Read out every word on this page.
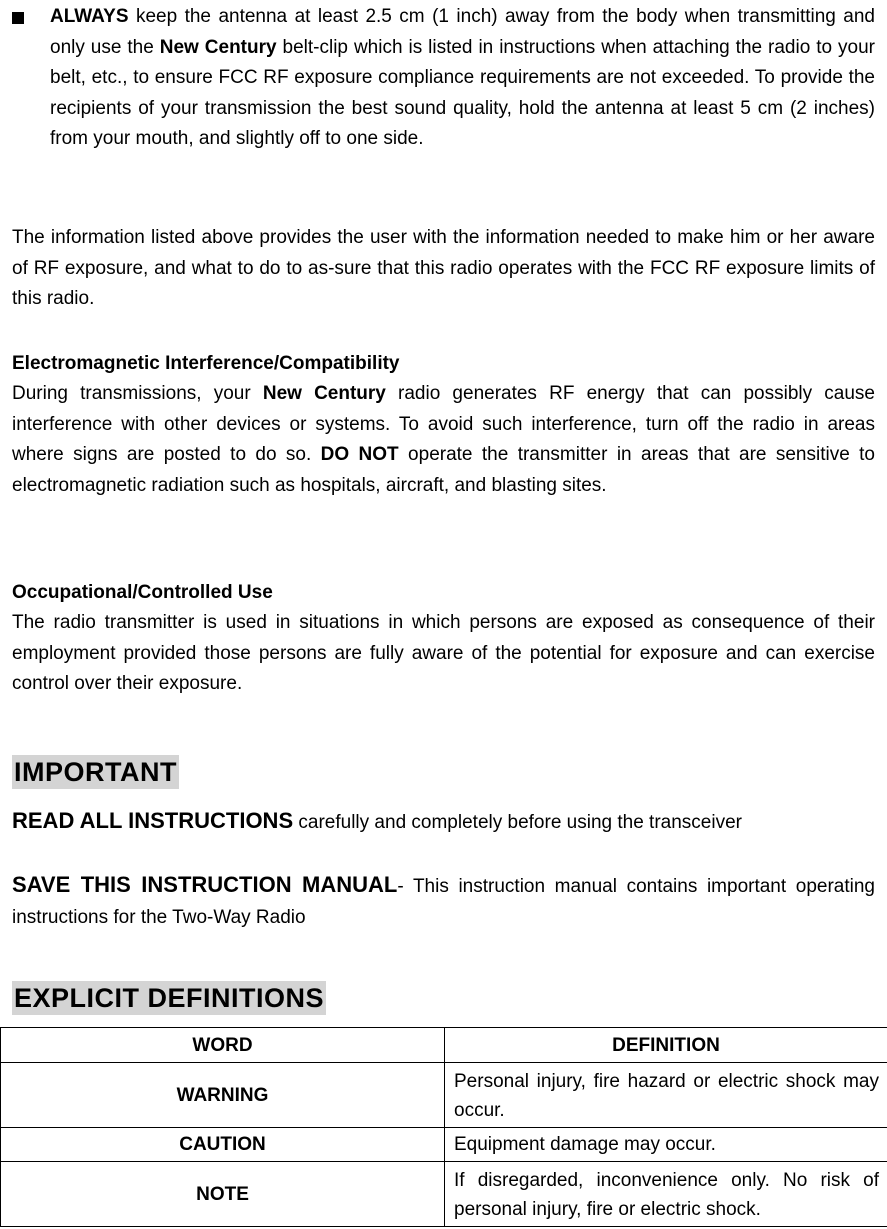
ALWAYS keep the antenna at least 2.5 cm (1 inch) away from the body when transmitting and only use the New Century belt-clip which is listed in instructions when attaching the radio to your belt, etc., to ensure FCC RF exposure compliance requirements are not exceeded. To provide the recipients of your transmission the best sound quality, hold the antenna at least 5 cm (2 inches) from your mouth, and slightly off to one side.

The information listed above provides the user with the information needed to make him or her aware of RF exposure, and what to do to as-sure that this radio operates with the FCC RF exposure limits of this radio.

Electromagnetic Interference/Compatibility

During transmissions, your New Century radio generates RF energy that can possibly cause interference with other devices or systems. To avoid such interference, turn off the radio in areas where signs are posted to do so. DO NOT operate the transmitter in areas that are sensitive to electromagnetic radiation such as hospitals, aircraft, and blasting sites.

Occupational/Controlled Use

The radio transmitter is used in situations in which persons are exposed as consequence of their employment provided those persons are fully aware of the potential for exposure and can exercise control over their exposure.

IMPORTANT

READ ALL INSTRUCTIONS carefully and completely before using the transceiver

SAVE THIS INSTRUCTION MANUAL- This instruction manual contains important operating instructions for the Two-Way Radio

EXPLICIT DEFINITIONS
WORD	DEFINITION
WARNING	Personal injury, fire hazard or electric shock may occur.
CAUTION	Equipment damage may occur.
NOTE	If disregarded, inconvenience only. No risk of personal injury, fire or electric shock.
